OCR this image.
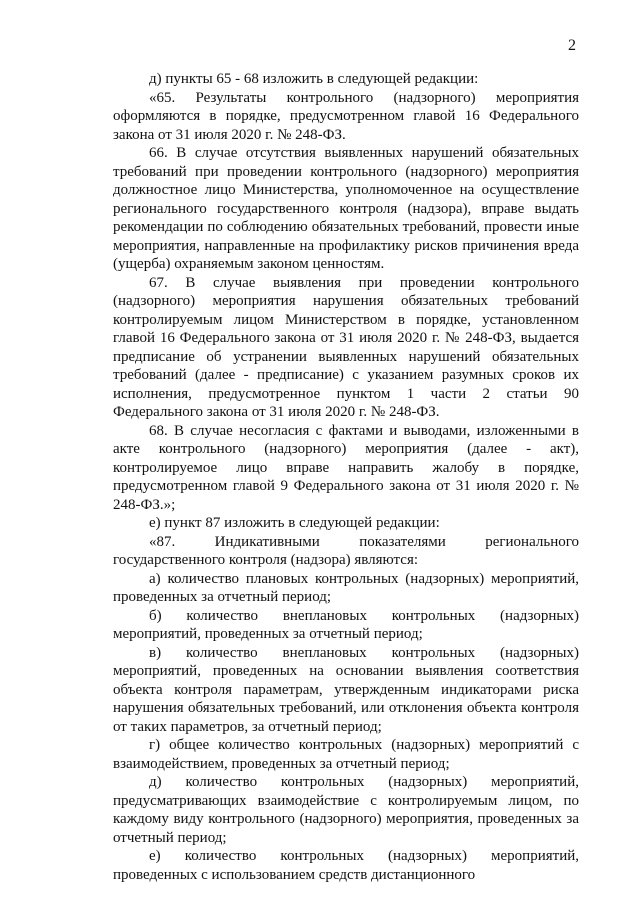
2

д) пункты 65 - 68 изложить в следующей редакции:

«65. Результаты контрольного (надзорного) мероприятия оформляются в порядке, предусмотренном главой 16 Федерального закона от 31 июля 2020 г. № 248-ФЗ.

66. В случае отсутствия выявленных нарушений обязательных требований при проведении контрольного (надзорного) мероприятия должностное лицо Министерства, уполномоченное на осуществление регионального государственного контроля (надзора), вправе выдать рекомендации по соблюдению обязательных требований, провести иные мероприятия, направленные на профилактику рисков причинения вреда (ущерба) охраняемым законом ценностям.

67. В случае выявления при проведении контрольного (надзорного) мероприятия нарушения обязательных требований контролируемым лицом Министерством в порядке, установленном главой 16 Федерального закона от 31 июля 2020 г. № 248-ФЗ, выдается предписание об устранении выявленных нарушений обязательных требований (далее - предписание) с указанием разумных сроков их исполнения, предусмотренное пунктом 1 части 2 статьи 90 Федерального закона от 31 июля 2020 г. № 248-ФЗ.

68. В случае несогласия с фактами и выводами, изложенными в акте контрольного (надзорного) мероприятия (далее - акт), контролируемое лицо вправе направить жалобу в порядке, предусмотренном главой 9 Федерального закона от 31 июля 2020 г. № 248-ФЗ.»;

е) пункт 87 изложить в следующей редакции:

«87. Индикативными показателями регионального государственного контроля (надзора) являются:

а) количество плановых контрольных (надзорных) мероприятий, проведенных за отчетный период;

б) количество внеплановых контрольных (надзорных) мероприятий, проведенных за отчетный период;

в) количество внеплановых контрольных (надзорных) мероприятий, проведенных на основании выявления соответствия объекта контроля параметрам, утвержденным индикаторами риска нарушения обязательных требований, или отклонения объекта контроля от таких параметров, за отчетный период;

г) общее количество контрольных (надзорных) мероприятий с взаимодействием, проведенных за отчетный период;

д) количество контрольных (надзорных) мероприятий, предусматривающих взаимодействие с контролируемым лицом, по каждому виду контрольного (надзорного) мероприятия, проведенных за отчетный период;

е) количество контрольных (надзорных) мероприятий, проведенных с использованием средств дистанционного
